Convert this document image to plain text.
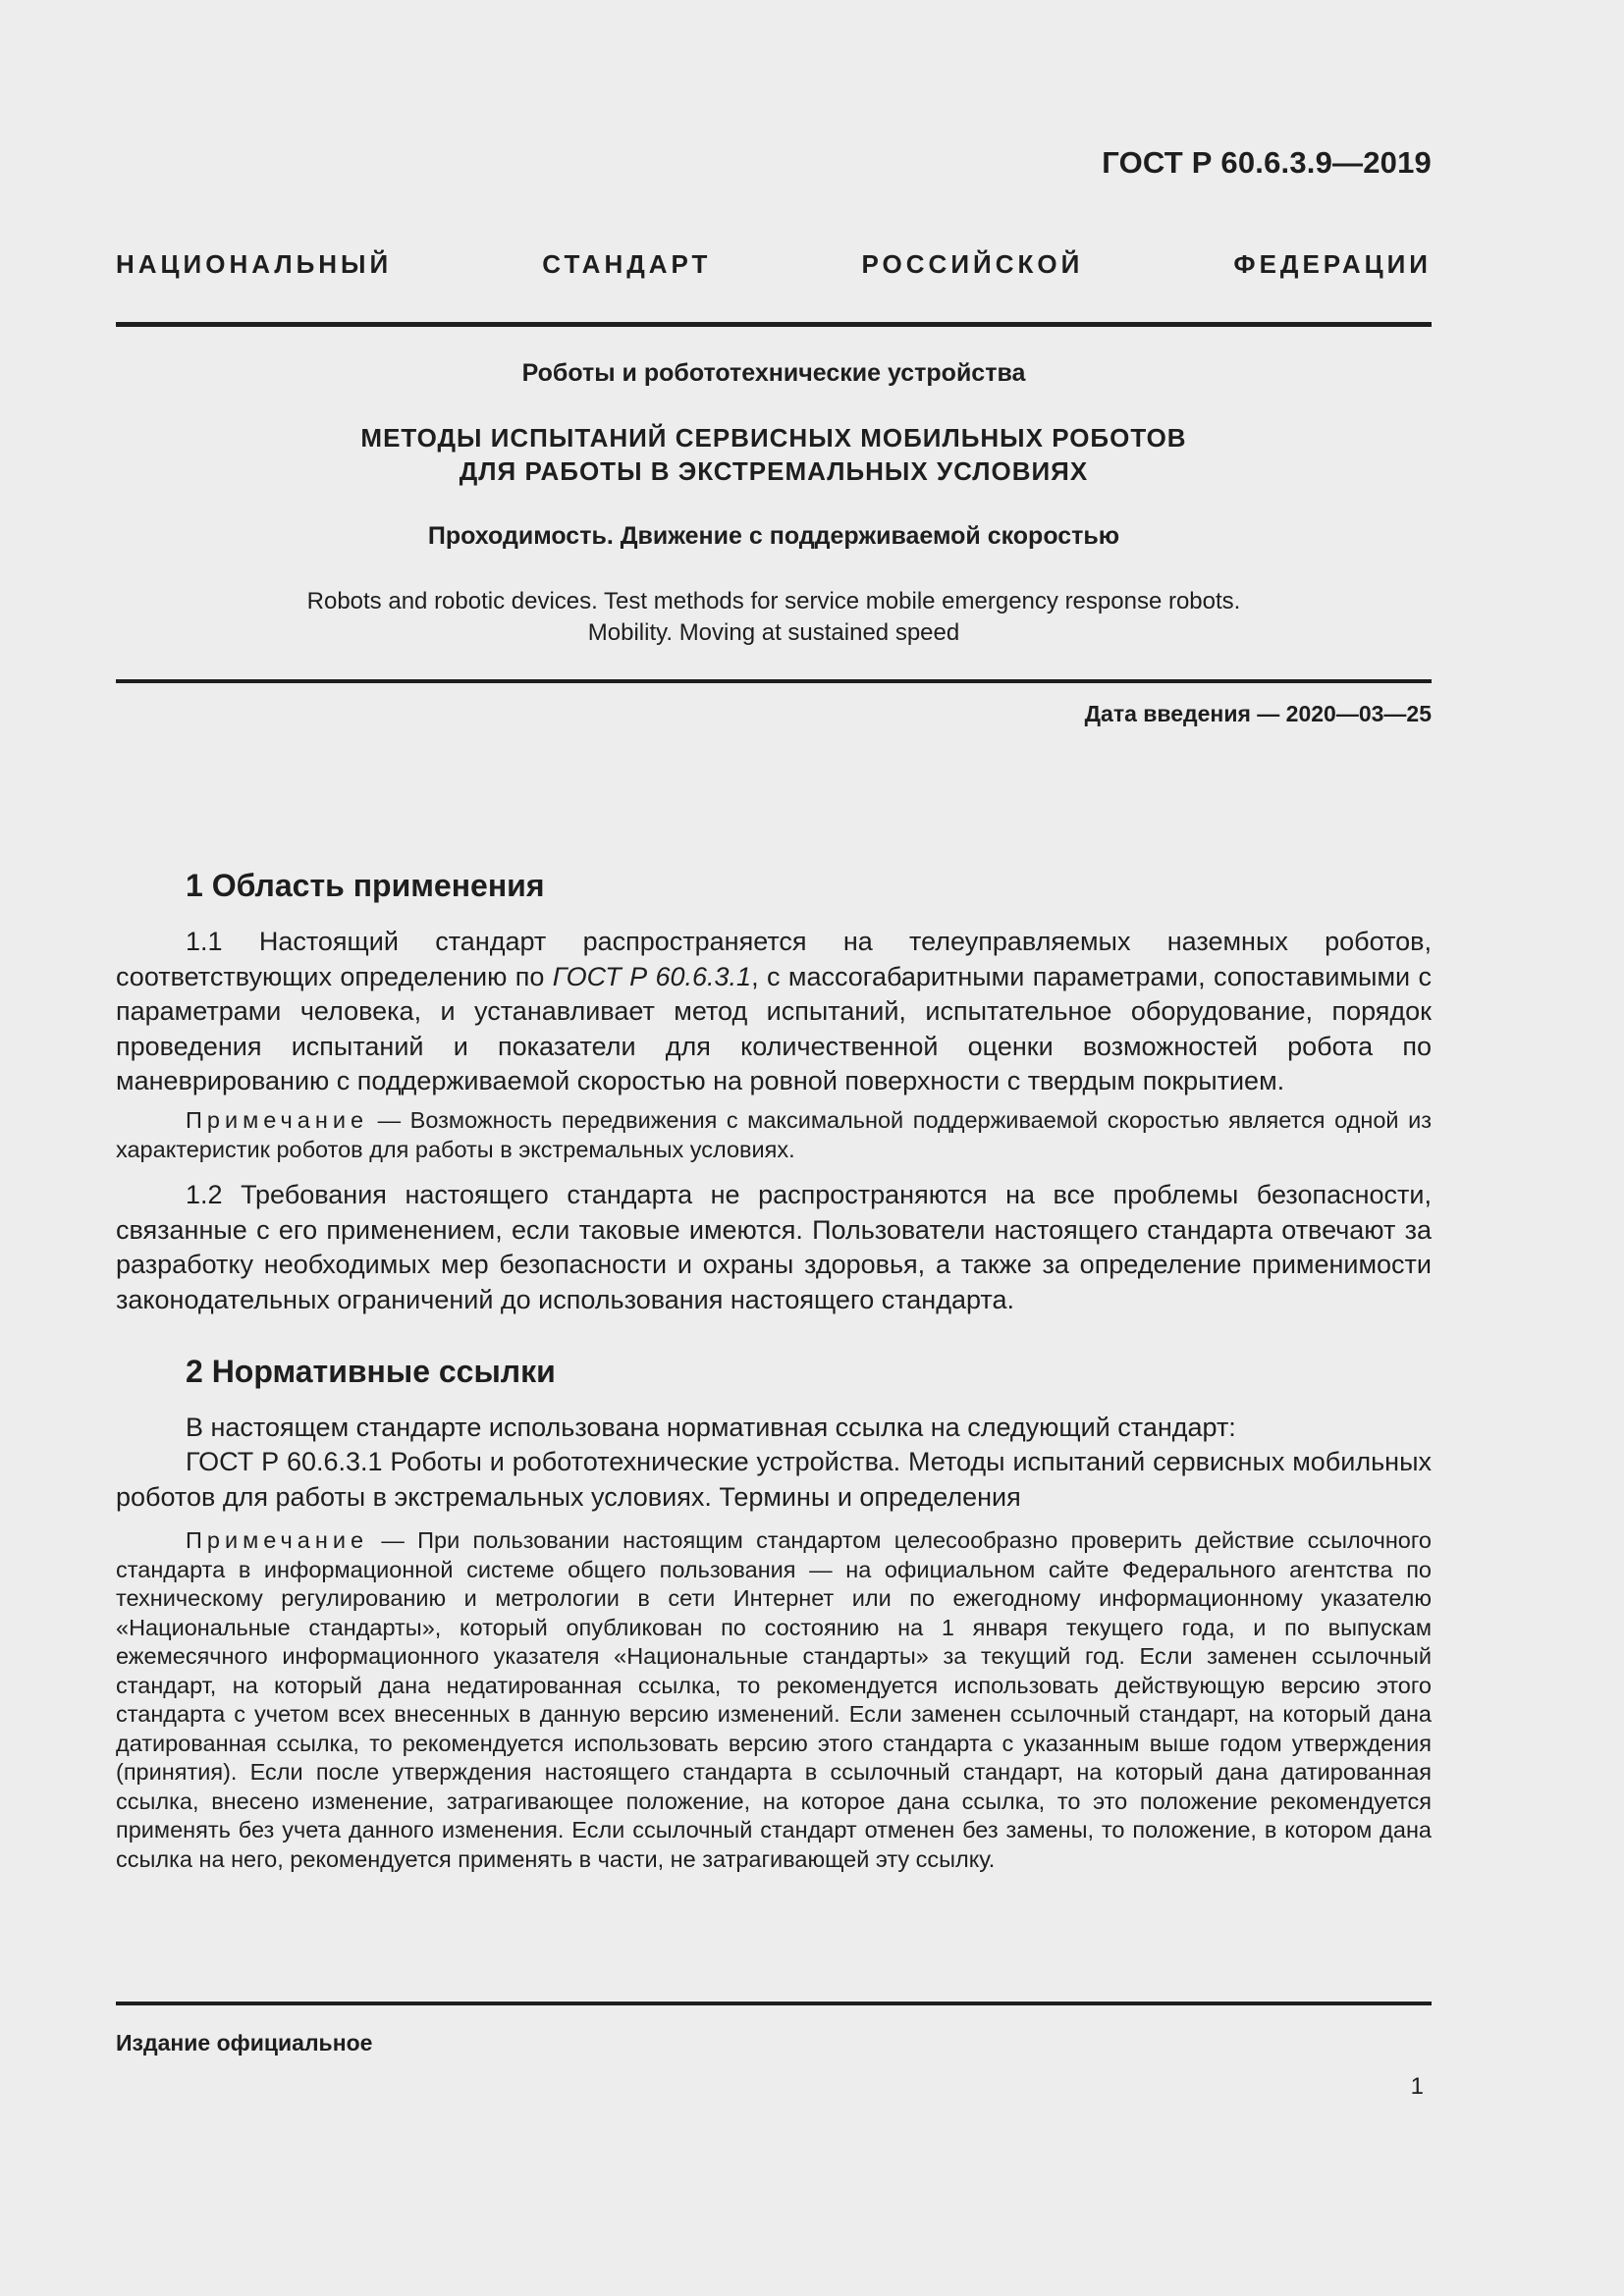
ГОСТ Р 60.6.3.9—2019
НАЦИОНАЛЬНЫЙ СТАНДАРТ РОССИЙСКОЙ ФЕДЕРАЦИИ
Роботы и робототехнические устройства
МЕТОДЫ ИСПЫТАНИЙ СЕРВИСНЫХ МОБИЛЬНЫХ РОБОТОВ
ДЛЯ РАБОТЫ В ЭКСТРЕМАЛЬНЫХ УСЛОВИЯХ
Проходимость. Движение с поддерживаемой скоростью
Robots and robotic devices. Test methods for service mobile emergency response robots.
Mobility. Moving at sustained speed
Дата введения — 2020—03—25
1 Область применения

1.1 Настоящий стандарт распространяется на телеуправляемых наземных роботов, соответствующих определению по ГОСТ Р 60.6.3.1, с массогабаритными параметрами, сопоставимыми с параметрами человека, и устанавливает метод испытаний, испытательное оборудование, порядок проведения испытаний и показатели для количественной оценки возможностей робота по маневрированию с поддерживаемой скоростью на ровной поверхности с твердым покрытием.

Примечание — Возможность передвижения с максимальной поддерживаемой скоростью является одной из характеристик роботов для работы в экстремальных условиях.

1.2 Требования настоящего стандарта не распространяются на все проблемы безопасности, связанные с его применением, если таковые имеются. Пользователи настоящего стандарта отвечают за разработку необходимых мер безопасности и охраны здоровья, а также за определение применимости законодательных ограничений до использования настоящего стандарта.

2 Нормативные ссылки

В настоящем стандарте использована нормативная ссылка на следующий стандарт:

ГОСТ Р 60.6.3.1 Роботы и робототехнические устройства. Методы испытаний сервисных мобильных роботов для работы в экстремальных условиях. Термины и определения

Примечание — При пользовании настоящим стандартом целесообразно проверить действие ссылочного стандарта в информационной системе общего пользования — на официальном сайте Федерального агентства по техническому регулированию и метрологии в сети Интернет или по ежегодному информационному указателю «Национальные стандарты», который опубликован по состоянию на 1 января текущего года, и по выпускам ежемесячного информационного указателя «Национальные стандарты» за текущий год. Если заменен ссылочный стандарт, на который дана недатированная ссылка, то рекомендуется использовать действующую версию этого стандарта с учетом всех внесенных в данную версию изменений. Если заменен ссылочный стандарт, на который дана датированная ссылка, то рекомендуется использовать версию этого стандарта с указанным выше годом утверждения (принятия). Если после утверждения настоящего стандарта в ссылочный стандарт, на который дана датированная ссылка, внесено изменение, затрагивающее положение, на которое дана ссылка, то это положение рекомендуется применять без учета данного изменения. Если ссылочный стандарт отменен без замены, то положение, в котором дана ссылка на него, рекомендуется применять в части, не затрагивающей эту ссылку.

Издание официальное
1
